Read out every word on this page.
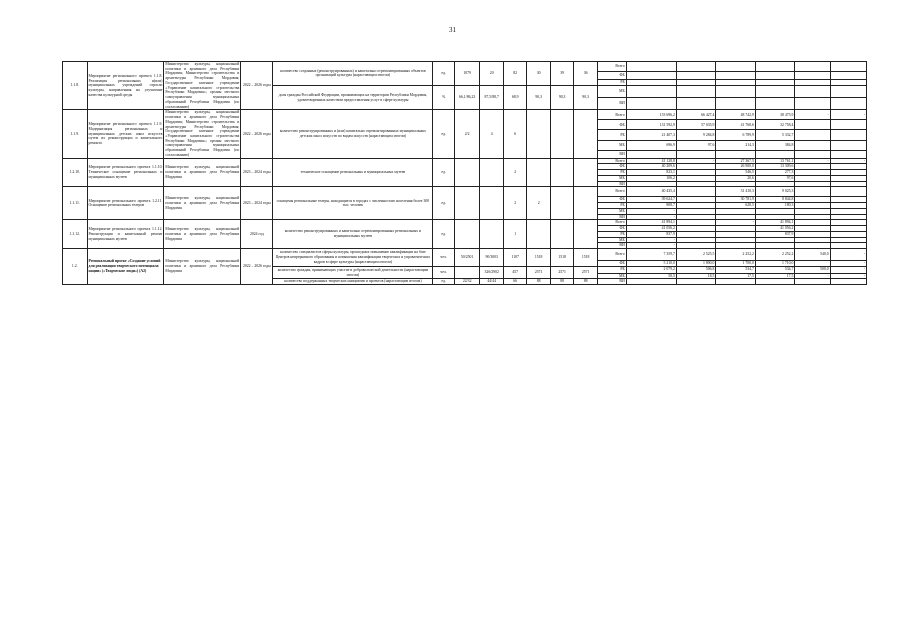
31
1.1.8.	Мероприятие регионального проекта 1.1.8. Реализация региональных и(или) муниципальных учреждений отрасли культуры, направленная на улучшение качества культурной среды	Министерство культуры, национальной политики и архивного дела Республики Мордовия; Министерство строительства и архитектуры Республики Мордовия; Государственное казенное учреждение «Управление капитального строительства Республики Мордовия»; органы местного самоуправления муниципальных образований Республики Мордовия (по согласованию)	2022 – 2026 годы	количество созданных (реконструированных) и капитально отремонтированных объектов организаций культуры (нарастающим итогом)	ед.	1079	20	82	30	39	36	Всего						
												ФБ						
												РБ						
				доля граждан Российской Федерации, проживающих на территории Республики Мордовия, удовлетворенных качеством предоставления услуг в сфере культуры	%	66,1/86,23	87,5/88,7	68,9	90,3	90,3	90,3	МБ						
												ВИ						
1.1.9.	Мероприятие регионального проекта 1.1.9. Модернизация региональных и муниципальных детских школ искусств путем их реконструкции и капитального ремонта	Министерство культуры, национальной политики и архивного дела Республики Мордовия; Министерство строительства и архитектуры Республики Мордовия; Государственное казенное учреждение «Управление капитального строительства Республики Мордовия»; органы местного самоуправления муниципальных образований Республики Мордовия (по согласованию)	2022 – 2026 годы	количество реконструированных и (или) капитально отремонтированных муниципальных детских школ искусств по видам искусств (нарастающим итогом)	ед.	2/2	4	6				Всего	153 696,2	66 427,4	48 742,9	38 475,9	-	-
												ФБ	131 592,9	57 035,9	41 768,6	32 758,4		
												РБ	21 407,3	9 284,8	6 789,9	5 332,7		
												МБ	696,9	97,6	214,3	384,8		
												ВИ						
1.2.10.	Мероприятие регионального проекта 1.1.10. Техническое оснащение региональных и муниципальных музеев	Министерство культуры, национальной политики и архивного дела Республики Мордовия	2023 – 2024 годы	техническое оснащение региональных и муниципальных музеев	ед.			2				Всего	41 128,8	-	27 367,5	13 761,1	-	-
												ФБ	40 209,6		26 900,0	13 309,6		
												РБ	823,1		546,5	277,3		
												МБ	106,2		20,6	97,6		
												ВИ						
1.1.11.	Мероприятие регионального проекта 1.2.11. Оснащение региональных театров	Министерство культуры, национальной политики и архивного дела Республики Мордовия	2023 – 2024 годы	оснащены региональные театры, находящиеся в городах с численностью населения более 300 тыс. человек	ед.			2	2			Всего	40 435,4		31 410,3	9 025,3		
												ФБ	39 624,7		30 781,9	8 844,8		
												РБ	808,7		628,5	180,3		
												МБ	-					
												ВИ	-					
1.1.12.	Мероприятие регионального проекта 1.1.12. Реконструкция и капитальный ремонт муниципальных музеев	Министерство культуры, национальной политики и архивного дела Республики Мордовия	2024 год	количество реконструированных и капитально отремонтированных региональных и муниципальных музеев	ед.			1				Всего	41 894,1		-	41 894,1		
												ФБ	41 056,2			41 056,2		
												РБ	837,9			837,9		
												МБ	-					
												ВИ	-					
1.2.	Региональный проект «Создание условий для реализации творческого потенциала нации» («Творческие люди») (А2)	Министерство культуры, национальной политики и архивного дела Республики Мордовия	2022 – 2026 годы	количество специалистов сферы культуры, прошедших повышение квалификации на базе Центров непрерывного образования и повышения квалификации творческих и управленческих кадров в сфере культуры (нарастающим итогом)	чел.	50/2501	90/3003	1107	1518	1518	1518	Всего	7 359,7	2 525,5	2 252,2	2 252,2	540,0	-
												ФБ	5 210,0	1 800,0	1 700,0	1 710,0		-
				количество граждан, принимающих участие в добровольческой деятельности (нарастающим итогом)	чел.		326/2902	457	2571	2571	2571	РБ	2 079,2	506,8	534,7	534,7	500,0	-
												МБ	50,5	18,5	17,5	17,5	-	-
				количество поддержанных творческих инициатив и проектов (нарастающим итогом)	ед.	22/32	44/44	66	88	88	88	ВИ						
